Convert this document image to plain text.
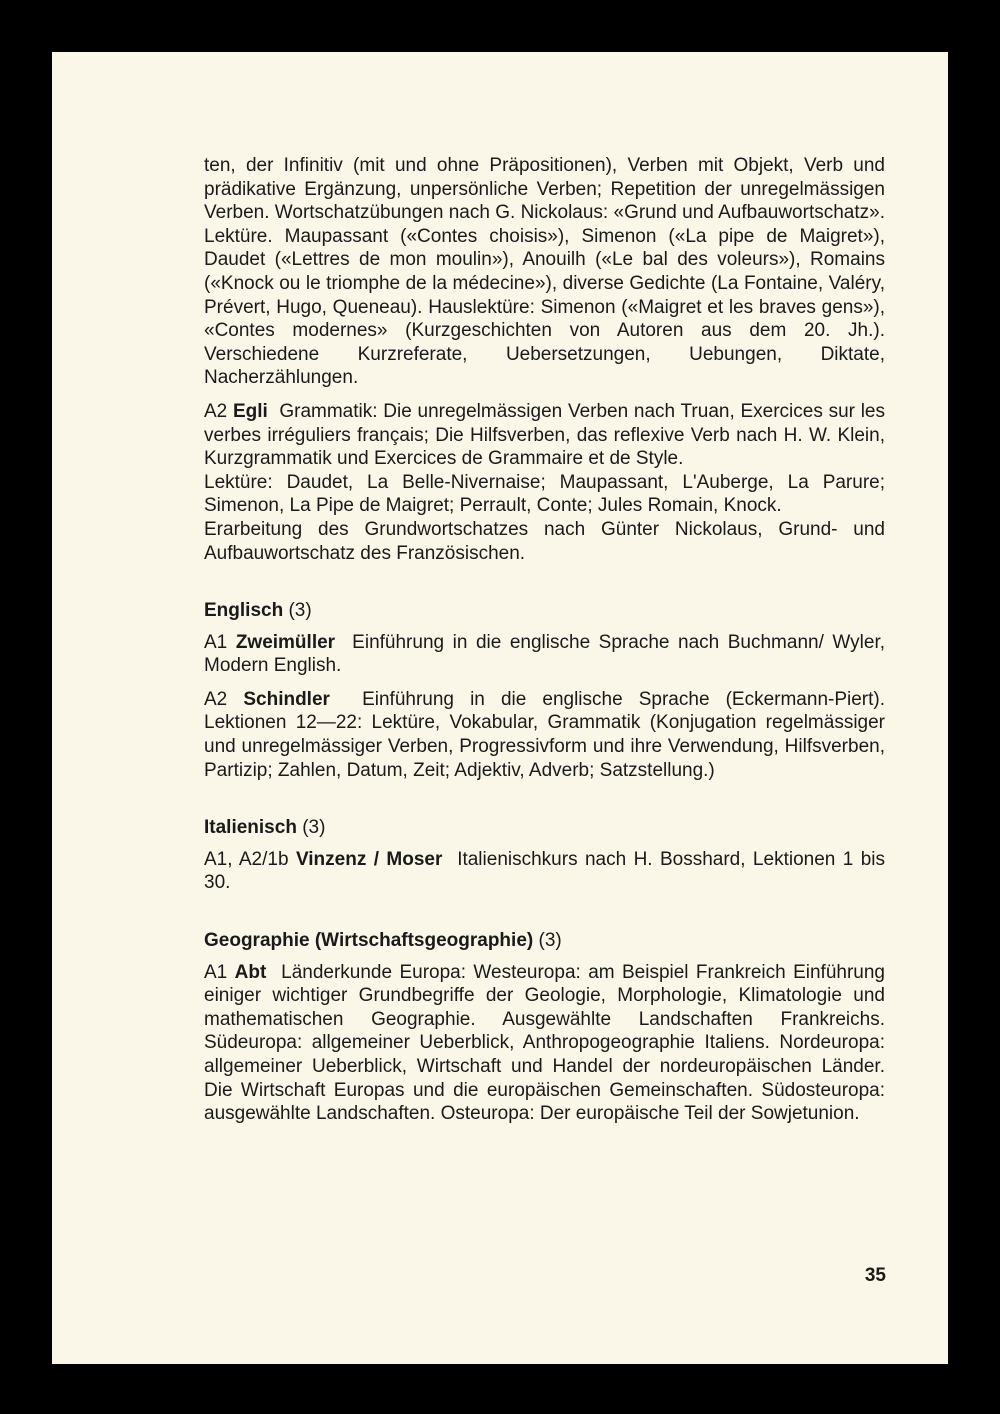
ten, der Infinitiv (mit und ohne Präpositionen), Verben mit Objekt, Verb und prädikative Ergänzung, unpersönliche Verben; Repetition der unregelmässigen Verben. Wortschatzübungen nach G. Nickolaus: «Grund und Aufbauwortschatz». Lektüre. Maupassant («Contes choisis»), Simenon («La pipe de Maigret»), Daudet («Lettres de mon moulin»), Anouilh («Le bal des voleurs»), Romains («Knock ou le triomphe de la médecine»), diverse Gedichte (La Fontaine, Valéry, Prévert, Hugo, Queneau). Hauslektüre: Simenon («Maigret et les braves gens»), «Contes modernes» (Kurzgeschichten von Autoren aus dem 20. Jh.). Verschiedene Kurzreferate, Uebersetzungen, Uebungen, Diktate, Nacherzählungen.

A2 Egli Grammatik: Die unregelmässigen Verben nach Truan, Exercices sur les verbes irréguliers français; Die Hilfsverben, das reflexive Verb nach H. W. Klein, Kurzgrammatik und Exercices de Grammaire et de Style.

Lektüre: Daudet, La Belle-Nivernaise; Maupassant, L'Auberge, La Parure; Simenon, La Pipe de Maigret; Perrault, Conte; Jules Romain, Knock.

Erarbeitung des Grundwortschatzes nach Günter Nickolaus, Grund- und Aufbauwortschatz des Französischen.

Englisch (3)

A1 Zweimüller Einführung in die englische Sprache nach Buchmann/ Wyler, Modern English.

A2 Schindler Einführung in die englische Sprache (Eckermann-Piert). Lektionen 12—22: Lektüre, Vokabular, Grammatik (Konjugation regelmässiger und unregelmässiger Verben, Progressivform und ihre Verwendung, Hilfsverben, Partizip; Zahlen, Datum, Zeit; Adjektiv, Adverb; Satzstellung.)

Italienisch (3)

A1, A2/1b Vinzenz / Moser Italienischkurs nach H. Bosshard, Lektionen 1 bis 30.

Geographie (Wirtschaftsgeographie) (3)

A1 Abt Länderkunde Europa: Westeuropa: am Beispiel Frankreich Einführung einiger wichtiger Grundbegriffe der Geologie, Morphologie, Klimatologie und mathematischen Geographie. Ausgewählte Landschaften Frankreichs. Südeuropa: allgemeiner Ueberblick, Anthropogeographie Italiens. Nordeuropa: allgemeiner Ueberblick, Wirtschaft und Handel der nordeuropäischen Länder. Die Wirtschaft Europas und die europäischen Gemeinschaften. Südosteuropa: ausgewählte Landschaften. Osteuropa: Der europäische Teil der Sowjetunion.

35
